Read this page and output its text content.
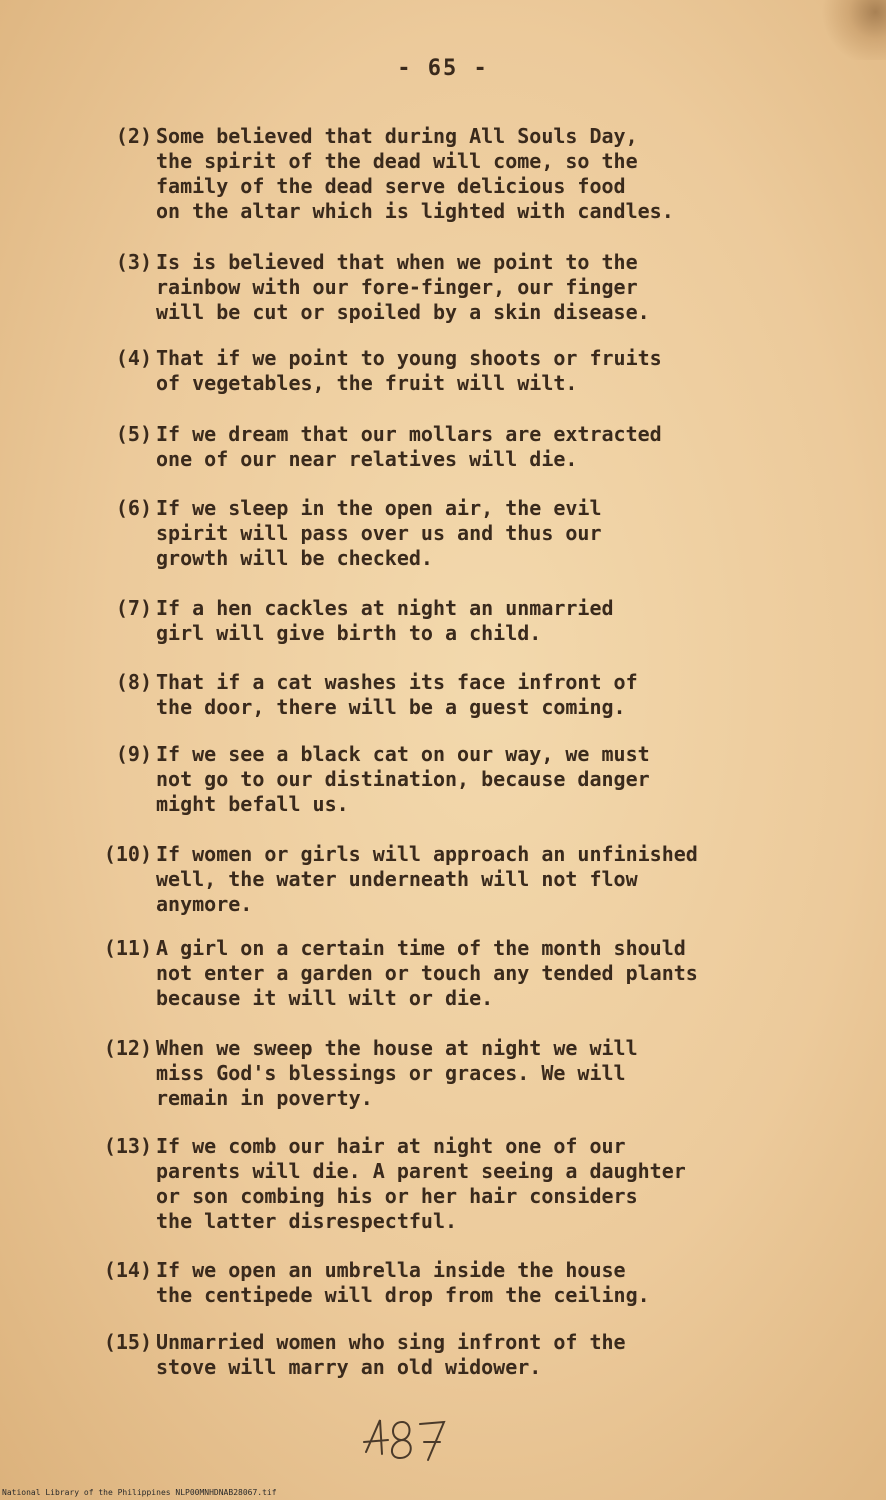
- 65 -
(2) Some believed that during All Souls Day,
the spirit of the dead will come, so the
family of the dead serve delicious food
on the altar which is lighted with candles.
(3) Is is believed that when we point to the
rainbow with our fore-finger, our finger
will be cut or spoiled by a skin disease.
(4) That if we point to young shoots or fruits
of vegetables, the fruit will wilt.
(5) If we dream that our mollars are extracted
one of our near relatives will die.
(6) If we sleep in the open air, the evil
spirit will pass over us and thus our
growth will be checked.
(7) If a hen cackles at night an unmarried
girl will give birth to a child.
(8) That if a cat washes its face infront of
the door, there will be a guest coming.
(9) If we see a black cat on our way, we must
not go to our distination, because danger
might befall us.
(10) If women or girls will approach an unfinished
well, the water underneath will not flow
anymore.
(11) A girl on a certain time of the month should
not enter a garden or touch any tended plants
because it will wilt or die.
(12) When we sweep the house at night we will
miss God's blessings or graces. We will
remain in poverty.
(13) If we comb our hair at night one of our
parents will die. A parent seeing a daughter
or son combing his or her hair considers
the latter disrespectful.
(14) If we open an umbrella inside the house
the centipede will drop from the ceiling.
(15) Unmarried women who sing infront of the
stove will marry an old widower.
National Library of the Philippines NLP00MNHDNAB28067.tif
